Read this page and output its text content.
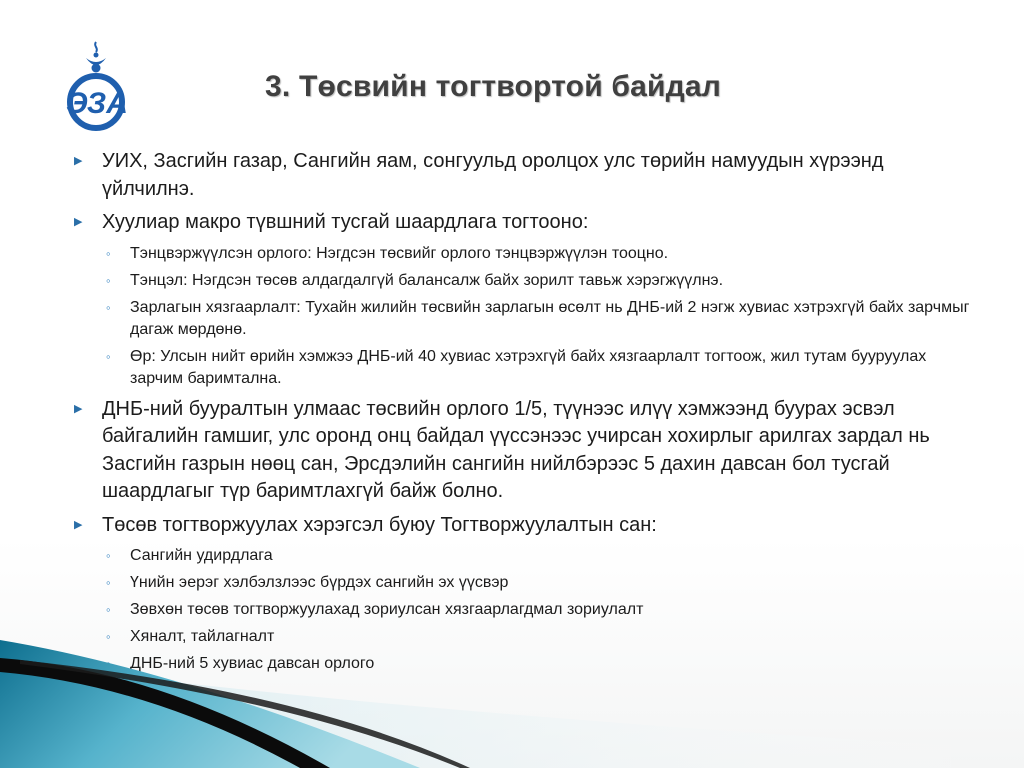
ЭЗА
3. Төсвийн тогтвортой байдал
▶ УИХ, Засгийн газар, Сангийн яам, сонгуульд оролцох улс төрийн намуудын хүрээнд үйлчилнэ.
▶ Хуулиар макро түвшний тусгай шаардлага тогтооно:
◦ Тэнцвэржүүлсэн орлого: Нэгдсэн төсвийг орлого тэнцвэржүүлэн тооцно.
◦ Тэнцэл: Нэгдсэн төсөв алдагдалгүй балансалж байх зорилт тавьж хэрэгжүүлнэ.
◦ Зарлагын хязгаарлалт: Тухайн жилийн төсвийн зарлагын өсөлт нь ДНБ-ий 2 нэгж хувиас хэтрэхгүй байх зарчмыг дагаж мөрдөнө.
◦ Өр: Улсын нийт өрийн хэмжээ ДНБ-ий 40 хувиас хэтрэхгүй байх хязгаарлалт тогтоож, жил тутам бууруулах зарчим баримтална.
▶ ДНБ-ний бууралтын улмаас төсвийн орлого 1/5, түүнээс илүү хэмжээнд буурах эсвэл байгалийн гамшиг, улс оронд онц байдал үүссэнээс учирсан хохирлыг арилгах зардал нь Засгийн газрын нөөц сан, Эрсдэлийн сангийн нийлбэрээс 5 дахин давсан бол тусгай шаардлагыг түр баримтлахгүй байж болно.
▶ Төсөв тогтворжуулах хэрэгсэл буюу Тогтворжуулалтын сан:
◦ Сангийн удирдлага
◦ Үнийн эерэг хэлбэлзлээс бүрдэх сангийн эх үүсвэр
◦ Зөвхөн төсөв тогтворжуулахад зориулсан хязгаарлагдмал зориулалт
◦ Хяналт, тайлагналт
ДНБ-ний 5 хувиас давсан орлого
